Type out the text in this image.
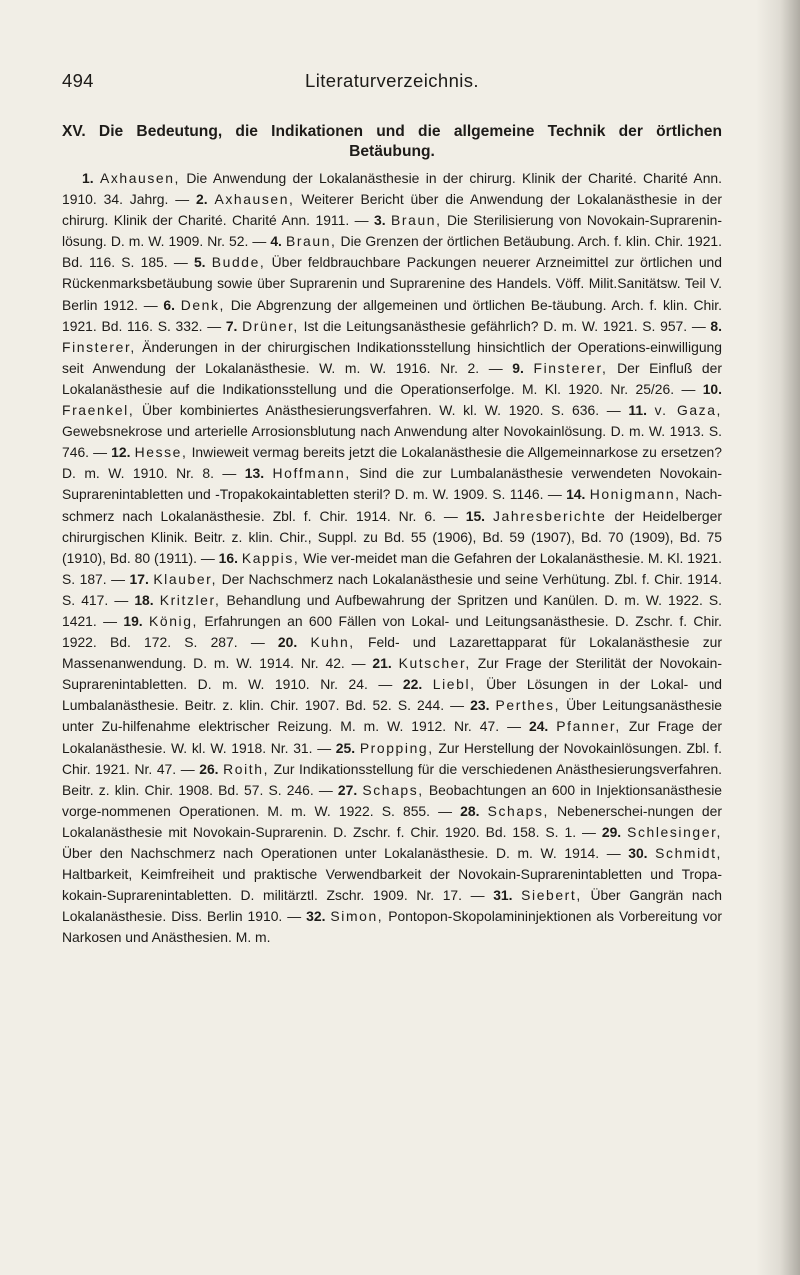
494	Literaturverzeichnis.
XV. Die Bedeutung, die Indikationen und die allgemeine Technik der örtlichen
Betäubung.
1. Axhausen, Die Anwendung der Lokalanästhesie in der chirurg. Klinik der Charité. Charité Ann. 1910. 34. Jahrg. — 2. Axhausen, Weiterer Bericht über die Anwendung der Lokalanästhesie in der chirurg. Klinik der Charité. Charité Ann. 1911. — 3. Braun, Die Sterilisierung von Novokain-Suprarenin-lösung. D. m. W. 1909. Nr. 52. — 4. Braun, Die Grenzen der örtlichen Betäubung. Arch. f. klin. Chir. 1921. Bd. 116. S. 185. — 5. Budde, Über feldbrauchbare Packungen neuerer Arzneimittel zur örtlichen und Rückenmarksbetäubung sowie über Suprarenin und Suprarenine des Handels. Vöff. Milit.Sanitätsw. Teil V. Berlin 1912. — 6. Denk, Die Abgrenzung der allgemeinen und örtlichen Be-täubung. Arch. f. klin. Chir. 1921. Bd. 116. S. 332. — 7. Drüner, Ist die Leitungsanästhesie gefährlich? D. m. W. 1921. S. 957. — 8. Finsterer, Änderungen in der chirurgischen Indikationsstellung hinsichtlich der Operations-einwilligung seit Anwendung der Lokalanästhesie. W. m. W. 1916. Nr. 2. — 9. Finsterer, Der Einfluß der Lokalanästhesie auf die Indikationsstellung und die Operationserfolge. M. Kl. 1920. Nr. 25/26. — 10. Fraenkel, Über kombiniertes Anästhesierungsverfahren. W. kl. W. 1920. S. 636. — 11. v. Gaza, Gewebsnekrose und arterielle Arrosionsblutung nach Anwendung alter Novokainlösung. D. m. W. 1913. S. 746. — 12. Hesse, Inwieweit vermag bereits jetzt die Lokalanästhesie die Allgemeinnarkose zu ersetzen? D. m. W. 1910. Nr. 8. — 13. Hoffmann, Sind die zur Lumbalanästhesie verwendeten Novokain-Suprarenintabletten und -Tropakokaintabletten steril? D. m. W. 1909. S. 1146. — 14. Honigmann, Nach-schmerz nach Lokalanästhesie. Zbl. f. Chir. 1914. Nr. 6. — 15. Jahresberichte der Heidelberger chirurgischen Klinik. Beitr. z. klin. Chir., Suppl. zu Bd. 55 (1906), Bd. 59 (1907), Bd. 70 (1909), Bd. 75 (1910), Bd. 80 (1911). — 16. Kappis, Wie ver-meidet man die Gefahren der Lokalanästhesie. M. Kl. 1921. S. 187. — 17. Klauber, Der Nachschmerz nach Lokalanästhesie und seine Verhütung. Zbl. f. Chir. 1914. S. 417. — 18. Kritzler, Behandlung und Aufbewahrung der Spritzen und Kanülen. D. m. W. 1922. S. 1421. — 19. König, Erfahrungen an 600 Fällen von Lokal- und Leitungsanästhesie. D. Zschr. f. Chir. 1922. Bd. 172. S. 287. — 20. Kuhn, Feld- und Lazarettapparat für Lokalanästhesie zur Massenanwendung. D. m. W. 1914. Nr. 42. — 21. Kutscher, Zur Frage der Sterilität der Novokain-Suprarenintabletten. D. m. W. 1910. Nr. 24. — 22. Liebl, Über Lösungen in der Lokal- und Lumbalanästhesie. Beitr. z. klin. Chir. 1907. Bd. 52. S. 244. — 23. Perthes, Über Leitungsanästhesie unter Zu-hilfenahme elektrischer Reizung. M. m. W. 1912. Nr. 47. — 24. Pfanner, Zur Frage der Lokalanästhesie. W. kl. W. 1918. Nr. 31. — 25. Propping, Zur Herstellung der Novokainlösungen. Zbl. f. Chir. 1921. Nr. 47. — 26. Roith, Zur Indikationsstellung für die verschiedenen Anästhesierungsverfahren. Beitr. z. klin. Chir. 1908. Bd. 57. S. 246. — 27. Schaps, Beobachtungen an 600 in Injektionsanästhesie vorge-nommenen Operationen. M. m. W. 1922. S. 855. — 28. Schaps, Nebenerschei-nungen der Lokalanästhesie mit Novokain-Suprarenin. D. Zschr. f. Chir. 1920. Bd. 158. S. 1. — 29. Schlesinger, Über den Nachschmerz nach Operationen unter Lokalanästhesie. D. m. W. 1914. — 30. Schmidt, Haltbarkeit, Keimfreiheit und praktische Verwendbarkeit der Novokain-Suprarenintabletten und Tropa-kokain-Suprarenintabletten. D. militärztl. Zschr. 1909. Nr. 17. — 31. Siebert, Über Gangrän nach Lokalanästhesie. Diss. Berlin 1910. — 32. Simon, Pontopon-Skopolamininjektionen als Vorbereitung vor Narkosen und Anästhesien. M. m.
